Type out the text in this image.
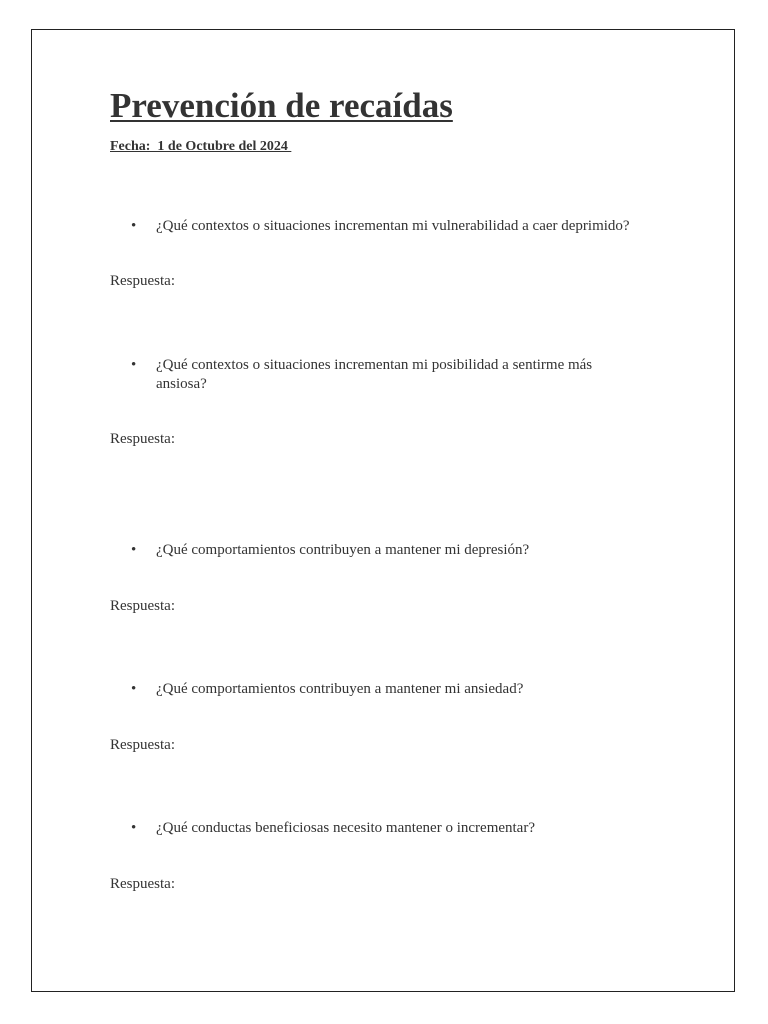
Prevención de recaídas

Fecha:  1 de Octubre del 2024

• ¿Qué contextos o situaciones incrementan mi vulnerabilidad a caer deprimido?
Respuesta:
• ¿Qué contextos o situaciones incrementan mi posibilidad a sentirme más ansiosa?
Respuesta:
• ¿Qué comportamientos contribuyen a mantener mi depresión?
Respuesta:
• ¿Qué comportamientos contribuyen a mantener mi ansiedad?
Respuesta:
• ¿Qué conductas beneficiosas necesito mantener o incrementar?
Respuesta:
